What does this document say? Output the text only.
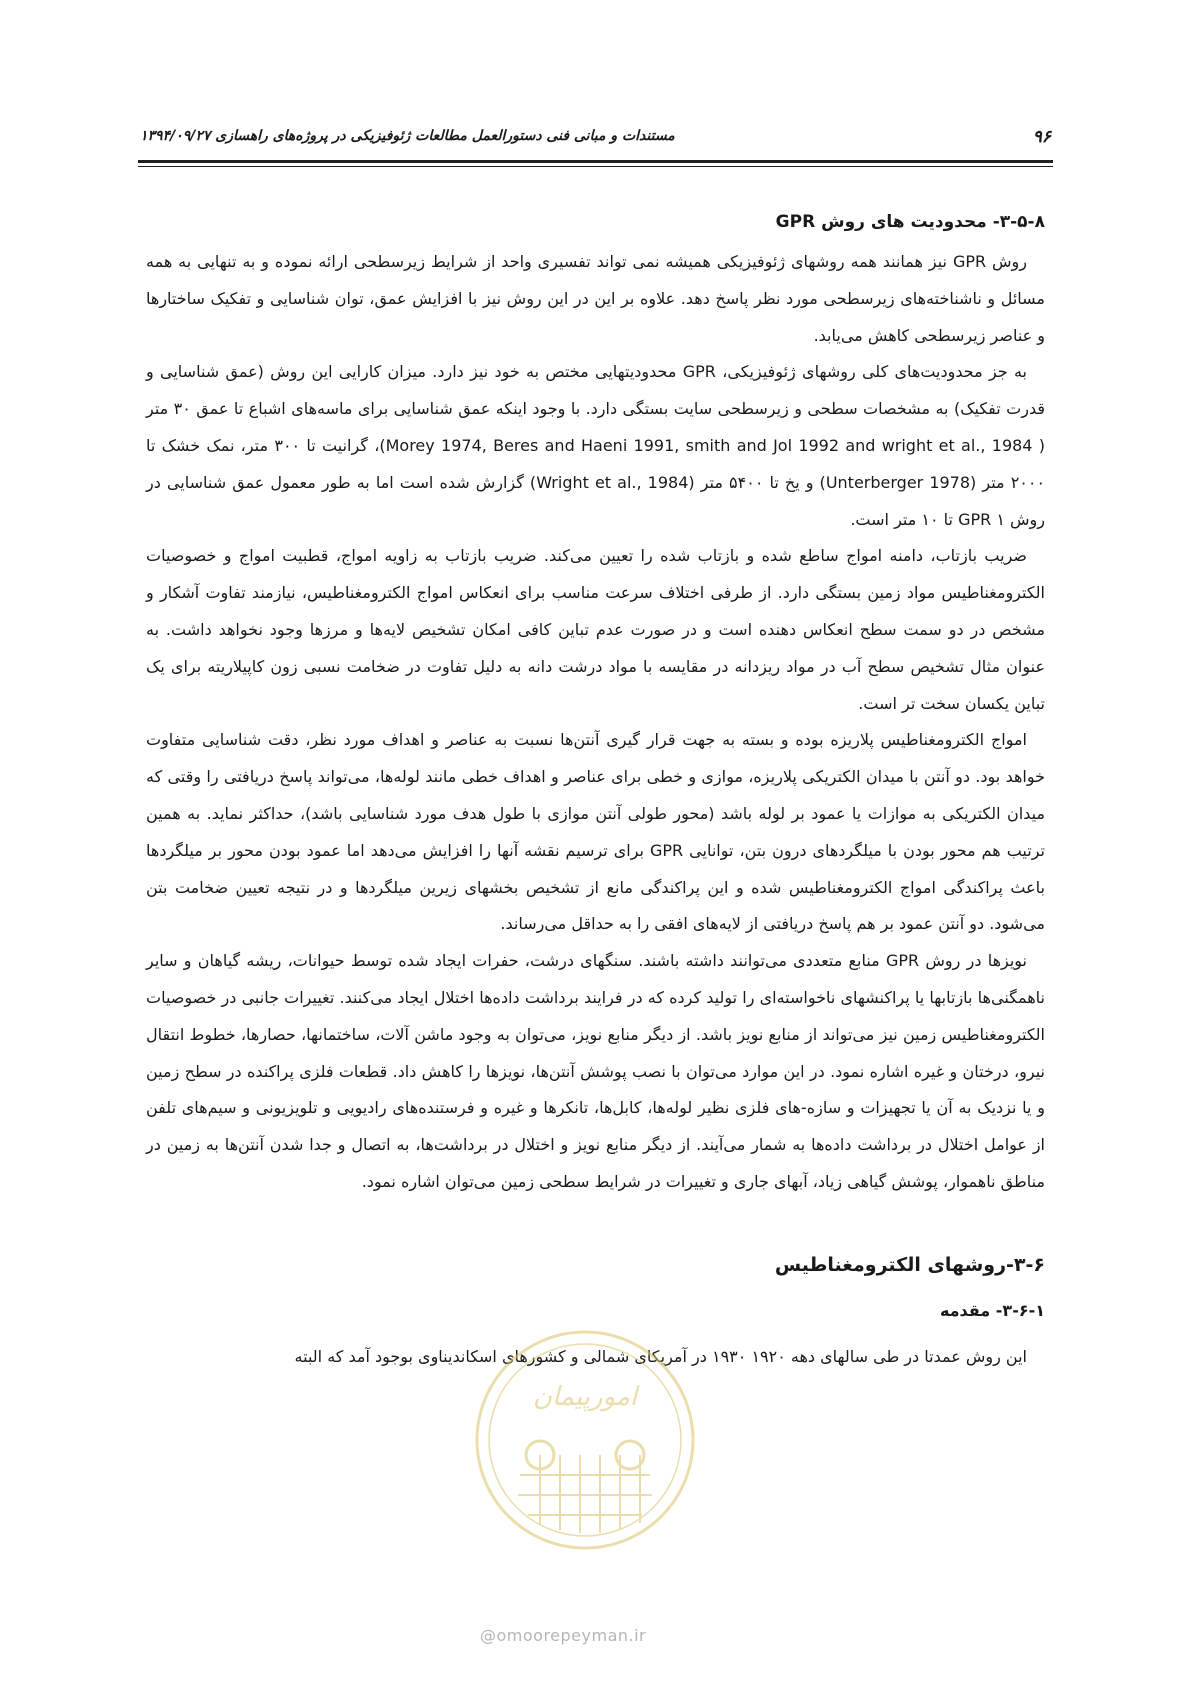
۹۶
مستندات و مبانی فنی دستورالعمل مطالعات ژئوفیزیکی در پروژه‌های راهسازی ۱۳۹۴/۰۹/۲۷
۳-۵-۸- محدودیت های روش GPR

روش GPR نیز همانند همه روشهای ژئوفیزیکی همیشه نمی تواند تفسیری واحد از شرایط زیرسطحی ارائه نموده و به تنهایی به همه مسائل و ناشناخته‌های زیرسطحی مورد نظر پاسخ دهد. علاوه بر این در این روش نیز با افزایش عمق، توان شناسایی و تفکیک ساختارها و عناصر زیرسطحی کاهش می‌یابد.

به جز محدودیت‌های کلی روشهای ژئوفیزیکی، GPR محدودیتهایی مختص به خود نیز دارد. میزان کارایی این روش (عمق شناسایی و قدرت تفکیک) به مشخصات سطحی و زیرسطحی سایت بستگی دارد. با وجود اینکه عمق شناسایی برای ماسه‌های اشباع تا عمق ۳۰ متر ( Morey 1974, Beres and Haeni 1991, smith and Jol 1992 and wright et al., 1984)، گرانیت تا ۳۰۰ متر، نمک خشک تا ۲۰۰۰ متر (Unterberger 1978) و یخ تا ۵۴۰۰ متر (Wright et al., 1984) گزارش شده است اما به طور معمول عمق شناسایی در روش GPR ۱ تا ۱۰ متر است.

ضریب بازتاب، دامنه امواج ساطع شده و بازتاب شده را تعیین می‌کند. ضریب بازتاب به زاویه امواج، قطبیت امواج و خصوصیات الکترومغناطیس مواد زمین بستگی دارد. از طرفی اختلاف سرعت مناسب برای انعکاس امواج الکترومغناطیس، نیازمند تفاوت آشکار و مشخص در دو سمت سطح انعکاس دهنده است و در صورت عدم تباین کافی امکان تشخیص لایه‌ها و مرزها وجود نخواهد داشت. به عنوان مثال تشخیص سطح آب در مواد ریزدانه در مقایسه با مواد درشت دانه به دلیل تفاوت در ضخامت نسبی زون کاپیلاریته برای یک تباین یکسان سخت تر است.

امواج الکترومغناطیس پلاریزه بوده و بسته به جهت قرار گیری آنتن‌ها نسبت به عناصر و اهداف مورد نظر، دقت شناسایی متفاوت خواهد بود. دو آنتن با میدان الکتریکی پلاریزه، موازی و خطی برای عناصر و اهداف خطی مانند لوله‌ها، می‌تواند پاسخ دریافتی را وقتی که میدان الکتریکی به موازات یا عمود بر لوله باشد (محور طولی آنتن موازی با طول هدف مورد شناسایی باشد)، حداکثر نماید. به همین ترتیب هم محور بودن با میلگردهای درون بتن، توانایی GPR برای ترسیم نقشه آنها را افزایش می‌دهد اما عمود بودن محور بر میلگردها باعث پراکندگی امواج الکترومغناطیس شده و این پراکندگی مانع از تشخیص بخشهای زیرین میلگردها و در نتیجه تعیین ضخامت بتن می‌شود. دو آنتن عمود بر هم پاسخ دریافتی از لایه‌های افقی را به حداقل می‌رساند.

نویزها در روش GPR منابع متعددی می‌توانند داشته باشند. سنگهای درشت، حفرات ایجاد شده توسط حیوانات، ریشه گیاهان و سایر ناهمگنی‌ها بازتابها یا پراکنشهای ناخواسته‌ای را تولید کرده که در فرایند برداشت داده‌ها اختلال ایجاد می‌کنند. تغییرات جانبی در خصوصیات الکترومغناطیس زمین نیز می‌تواند از منابع نویز باشد. از دیگر منابع نویز، می‌توان به وجود ماشن آلات، ساختمانها، حصارها، خطوط انتقال نیرو، درختان و غیره اشاره نمود. در این موارد می‌توان با نصب پوشش آنتن‌ها، نویزها را کاهش داد. قطعات فلزی پراکنده در سطح زمین و یا نزدیک به آن یا تجهیزات و سازه-های فلزی نظیر لوله‌ها، کابل‌ها، تانکرها و غیره و فرستنده‌های رادیویی و تلویزیونی و سیم‌های تلفن از عوامل اختلال در برداشت داده‌ها به شمار می‌آیند. از دیگر منابع نویز و اختلال در برداشت‌ها، به اتصال و جدا شدن آنتن‌ها به زمین در مناطق ناهموار، پوشش گیاهی زیاد، آبهای جاری و تغییرات در شرایط سطحی زمین می‌توان اشاره نمود.

۳-۶-روشهای الکترومغناطیس
۳-۶-۱- مقدمه

این روش عمدتا در طی سالهای دهه ۱۹۲۰ ۱۹۳۰ در آمریکای شمالی و کشورهای اسکاندیناوی بوجود آمد که البته

امورپیمان
@omoorepeyman.ir
